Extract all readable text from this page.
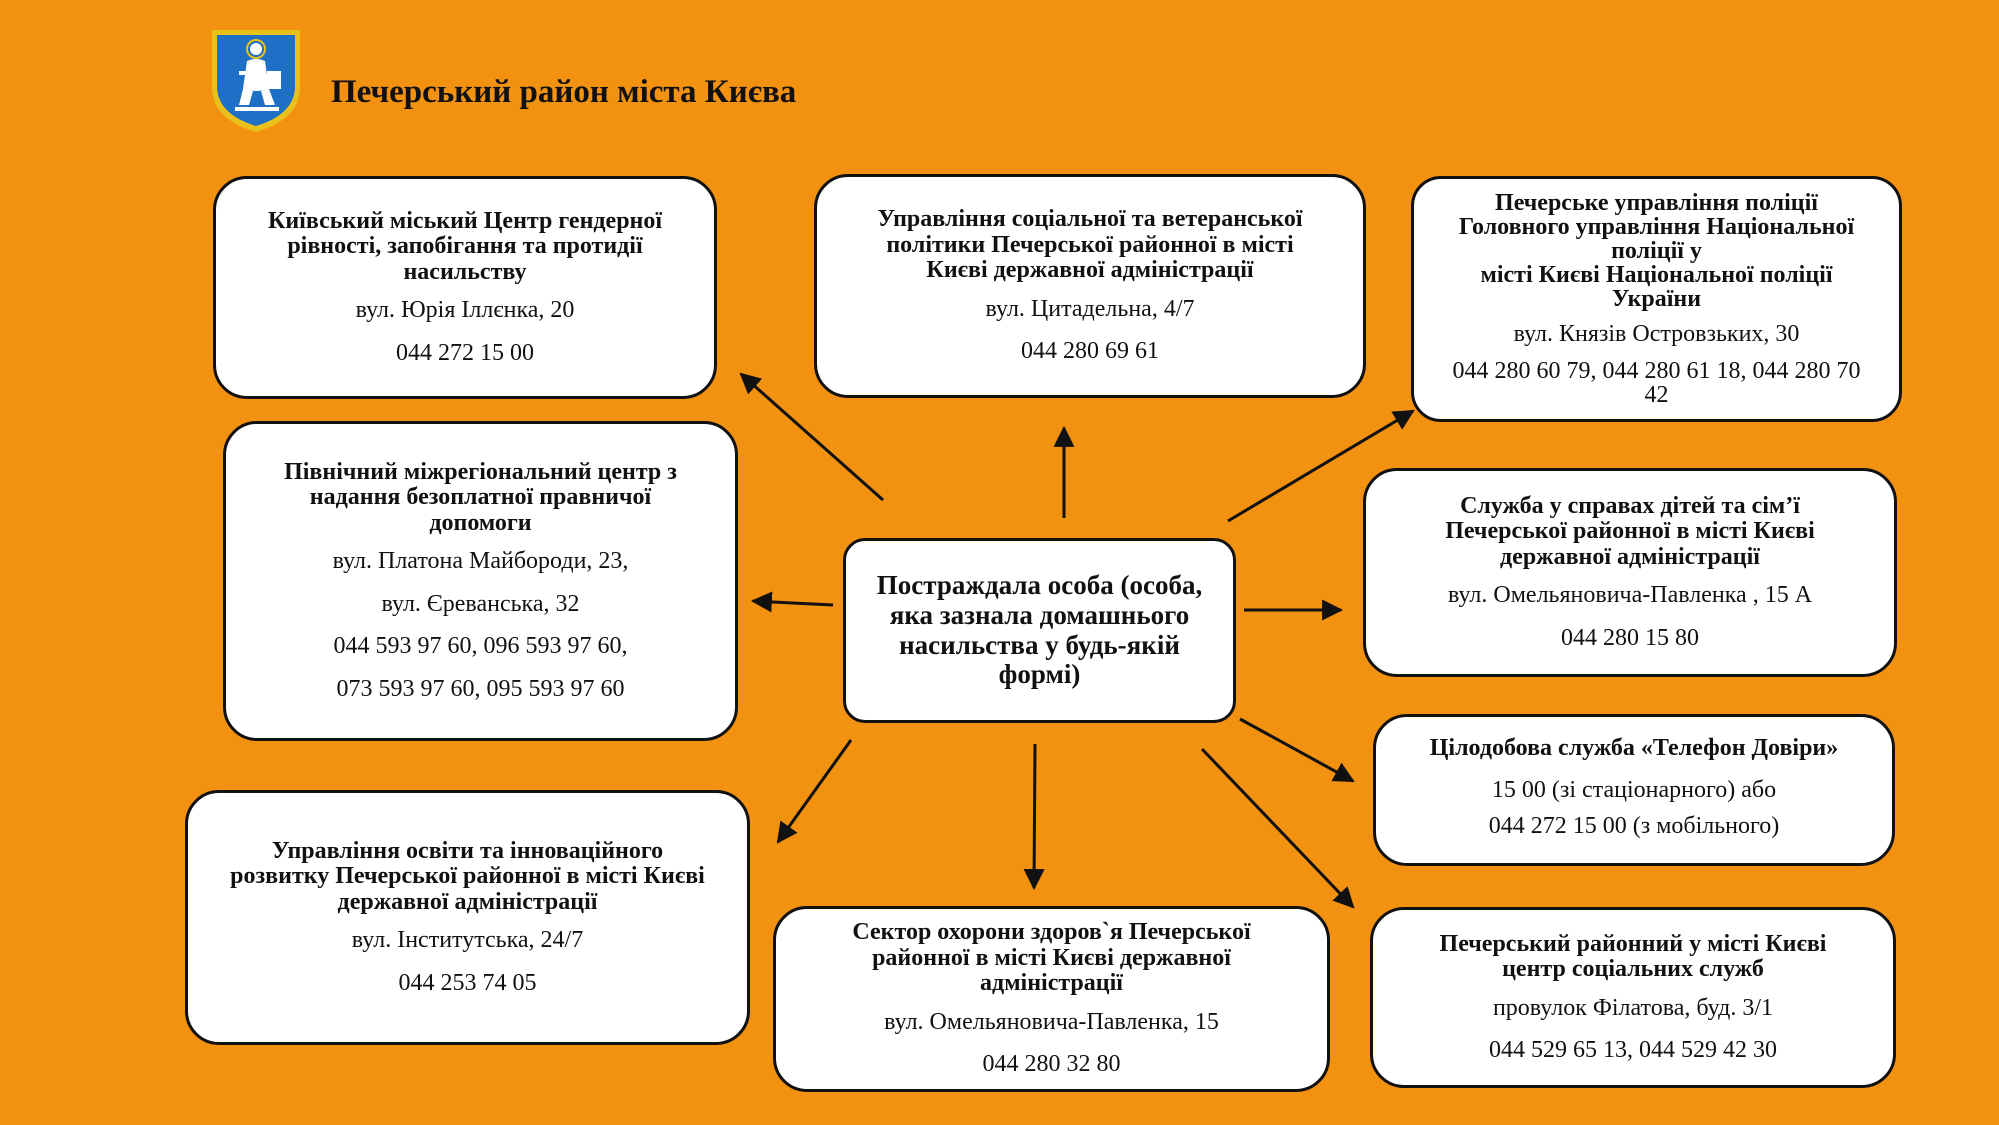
Печерський район міста Києва
Постраждала особа (особа,
яка зазнала домашнього
насильства у будь-якій
формі)
Київський міський Центр гендерної
рівності, запобігання та протидії
насильству
вул. Юрія Іллєнка, 20
044 272 15 00
Управління соціальної та ветеранської
політики Печерської районної в місті
Києві державної адміністрації
вул. Цитадельна, 4/7
044 280 69 61
Печерське управління поліції
Головного управління Національної
поліції у
місті Києві Національної поліції
України
вул. Князів Островзьких, 30
044 280 60 79, 044 280 61 18, 044 280 70
42
Північний міжрегіональний центр з
надання безоплатної правничої
допомоги
вул. Платона Майбороди, 23,
вул. Єреванська, 32
044 593 97 60, 096 593 97 60,
073 593 97 60, 095 593 97 60
Служба у справах дітей та сім’ї
Печерської районної в місті Києві
державної адміністрації
вул. Омельяновича-Павленка , 15 А
044 280 15 80
Цілодобова служба «Телефон Довіри»
15 00 (зі стаціонарного) або
044 272 15 00 (з мобільного)
Управління освіти та інноваційного
розвитку Печерської районної в місті Києві
державної адміністрації
вул. Інститутська, 24/7
044 253 74 05
Сектор охорони здоров`я Печерської
районної в місті Києві державної
адміністрації
вул. Омельяновича-Павленка, 15
044 280 32 80
Печерський районний у місті Києві
центр соціальних служб
провулок Філатова, буд. 3/1
044 529 65 13, 044 529 42 30
